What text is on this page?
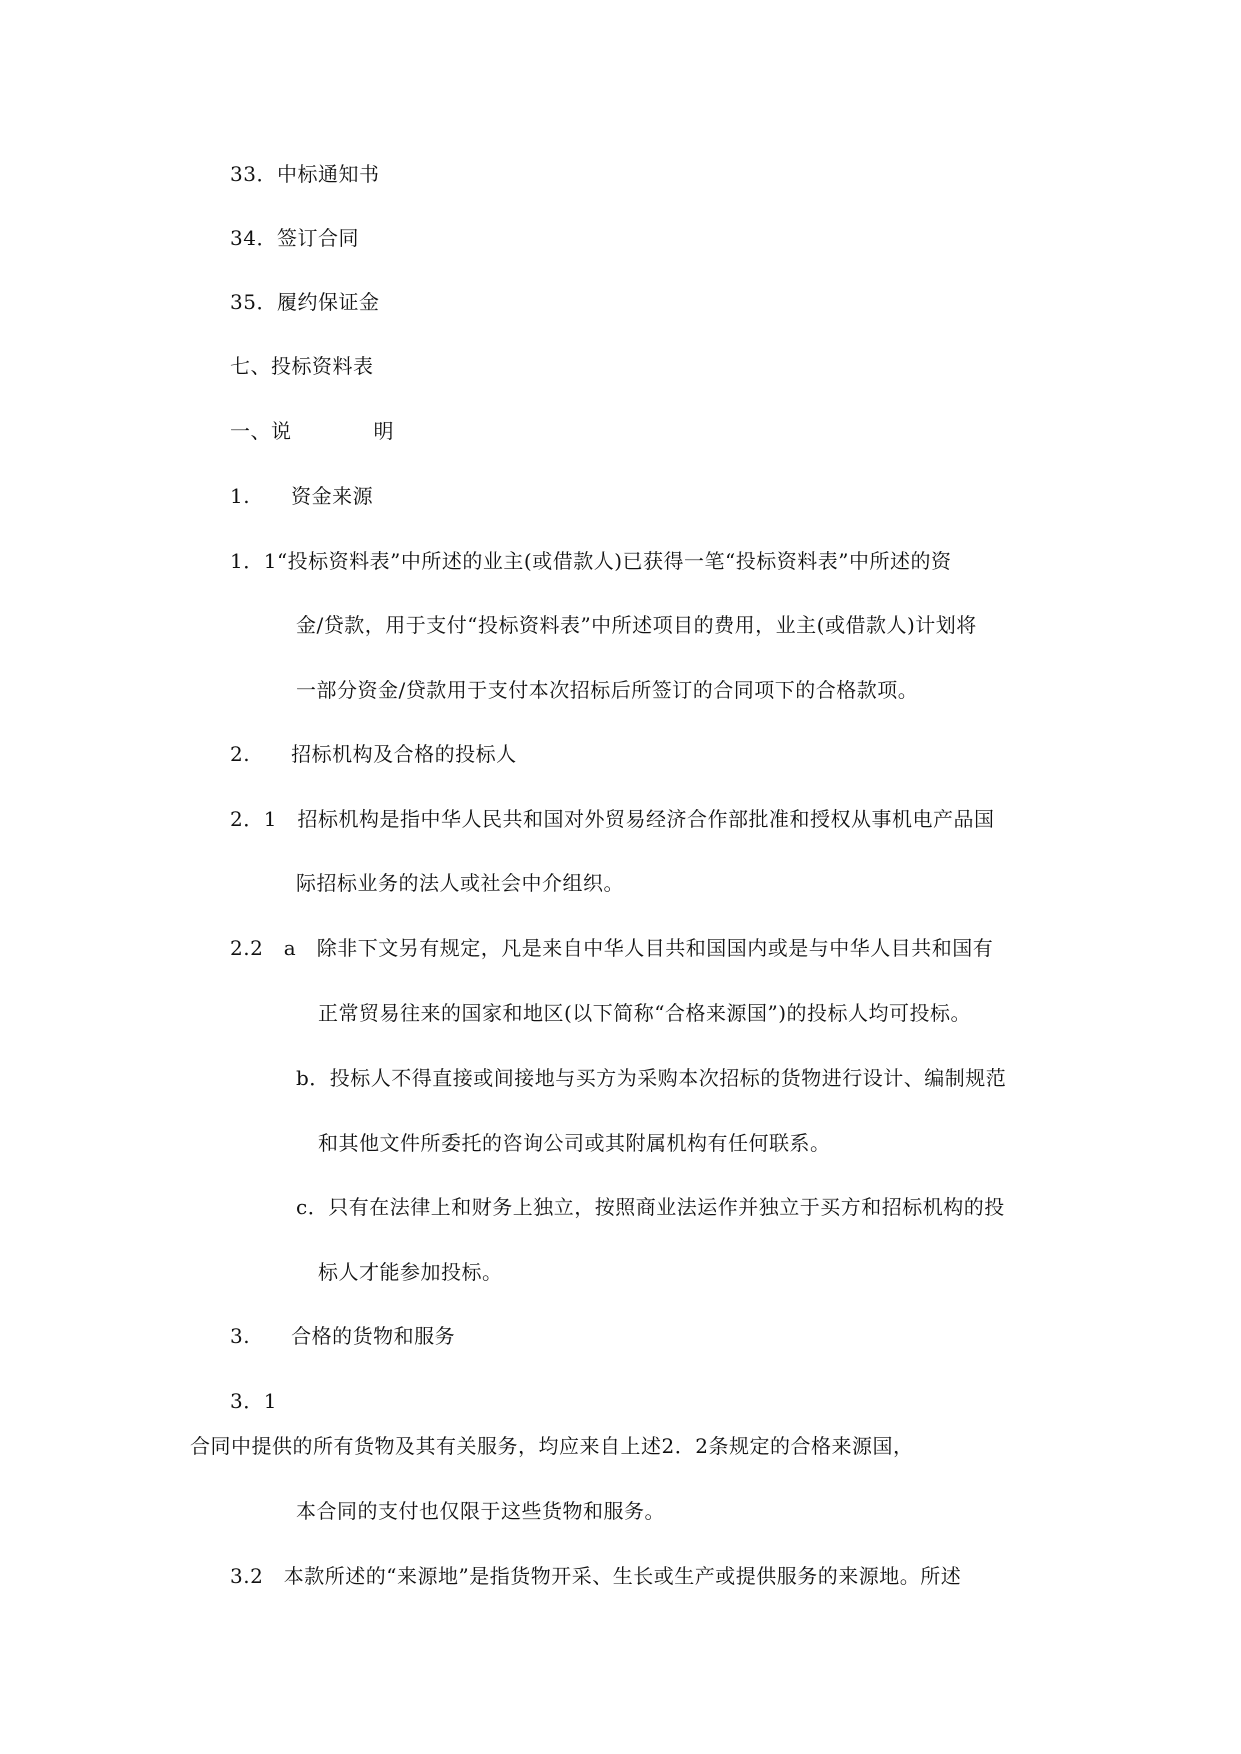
33．中标通知书
34．签订合同
35．履约保证金
七、投标资料表
一、说　　　　明
1.　　资金来源
1．1“投标资料表”中所述的业主(或借款人)已获得一笔“投标资料表”中所述的资
金/贷款，用于支付“投标资料表”中所述项目的费用，业主(或借款人)计划将
一部分资金/贷款用于支付本次招标后所签订的合同项下的合格款项。
2.　　招标机构及合格的投标人
2．1　招标机构是指中华人民共和国对外贸易经济合作部批准和授权从事机电产品国
际招标业务的法人或社会中介组织。
2.2　a　除非下文另有规定，凡是来自中华人目共和国国内或是与中华人目共和国有
正常贸易往来的国家和地区(以下简称“合格来源国”)的投标人均可投标。
b．投标人不得直接或间接地与买方为采购本次招标的货物进行设计、编制规范
和其他文件所委托的咨询公司或其附属机构有任何联系。
c．只有在法律上和财务上独立，按照商业法运作并独立于买方和招标机构的投
标人才能参加投标。
3.　　合格的货物和服务
3．1
合同中提供的所有货物及其有关服务，均应来自上述2．2条规定的合格来源国，
本合同的支付也仅限于这些货物和服务。
3.2　本款所述的“来源地”是指货物开采、生长或生产或提供服务的来源地。所述
